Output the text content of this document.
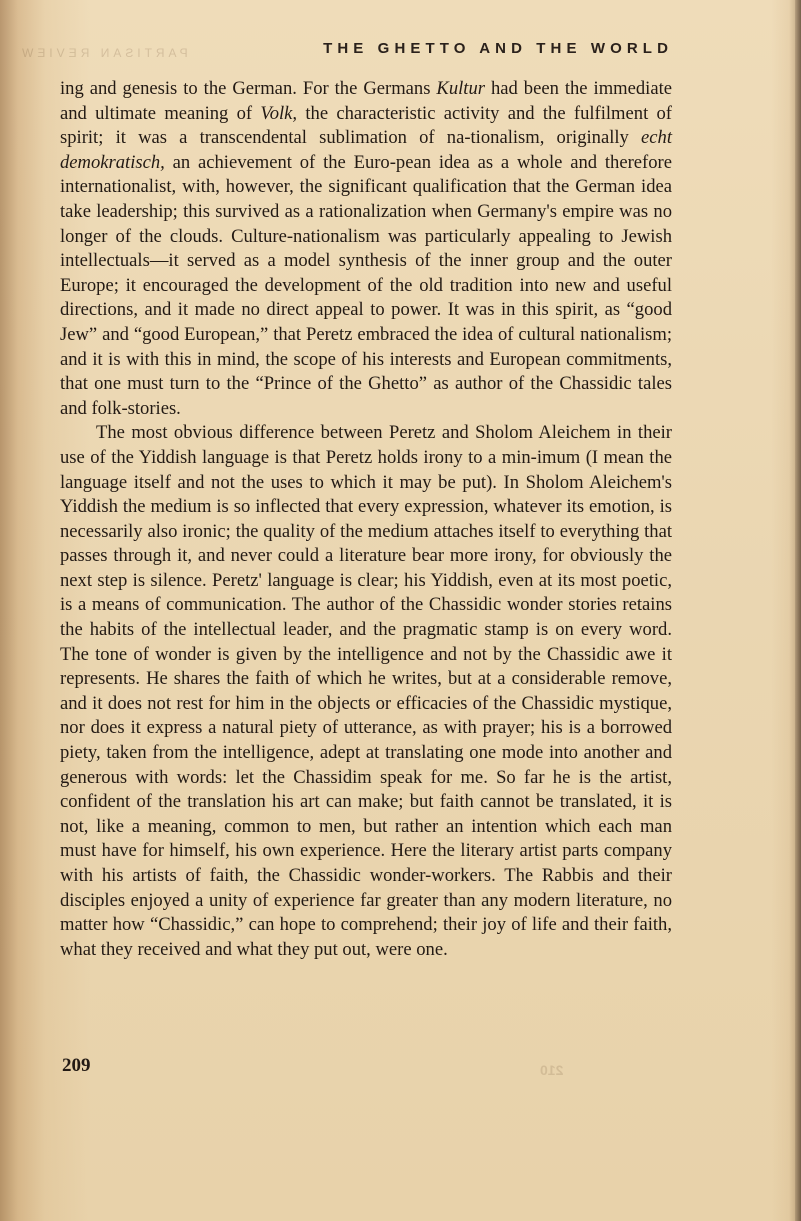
PARTISAN REVIEW	THE GHETTO AND THE WORLD

ing and genesis to the German. For the Germans Kultur had been the immediate and ultimate meaning of Volk, the characteristic activity and the fulfilment of spirit; it was a transcendental sublimation of na-tionalism, originally echt demokratisch, an achievement of the Euro-pean idea as a whole and therefore internationalist, with, however, the significant qualification that the German idea take leadership; this survived as a rationalization when Germany's empire was no longer of the clouds. Culture-nationalism was particularly appealing to Jewish intellectuals—it served as a model synthesis of the inner group and the outer Europe; it encouraged the development of the old tradition into new and useful directions, and it made no direct appeal to power. It was in this spirit, as “good Jew” and “good European,” that Peretz embraced the idea of cultural nationalism; and it is with this in mind, the scope of his interests and European commitments, that one must turn to the “Prince of the Ghetto” as author of the Chassidic tales and folk-stories.

The most obvious difference between Peretz and Sholom Aleichem in their use of the Yiddish language is that Peretz holds irony to a min-imum (I mean the language itself and not the uses to which it may be put). In Sholom Aleichem's Yiddish the medium is so inflected that every expression, whatever its emotion, is necessarily also ironic; the quality of the medium attaches itself to everything that passes through it, and never could a literature bear more irony, for obviously the next step is silence. Peretz' language is clear; his Yiddish, even at its most poetic, is a means of communication. The author of the Chassidic wonder stories retains the habits of the intellectual leader, and the pragmatic stamp is on every word. The tone of wonder is given by the intelligence and not by the Chassidic awe it represents. He shares the faith of which he writes, but at a considerable remove, and it does not rest for him in the objects or efficacies of the Chassidic mystique, nor does it express a natural piety of utterance, as with prayer; his is a borrowed piety, taken from the intelligence, adept at translating one mode into another and generous with words: let the Chassidim speak for me. So far he is the artist, confident of the translation his art can make; but faith cannot be translated, it is not, like a meaning, common to men, but rather an intention which each man must have for himself, his own experience. Here the literary artist parts company with his artists of faith, the Chassidic wonder-workers. The Rabbis and their disciples enjoyed a unity of experience far greater than any modern literature, no matter how “Chassidic,” can hope to comprehend; their joy of life and their faith, what they received and what they put out, were one.

209	210
